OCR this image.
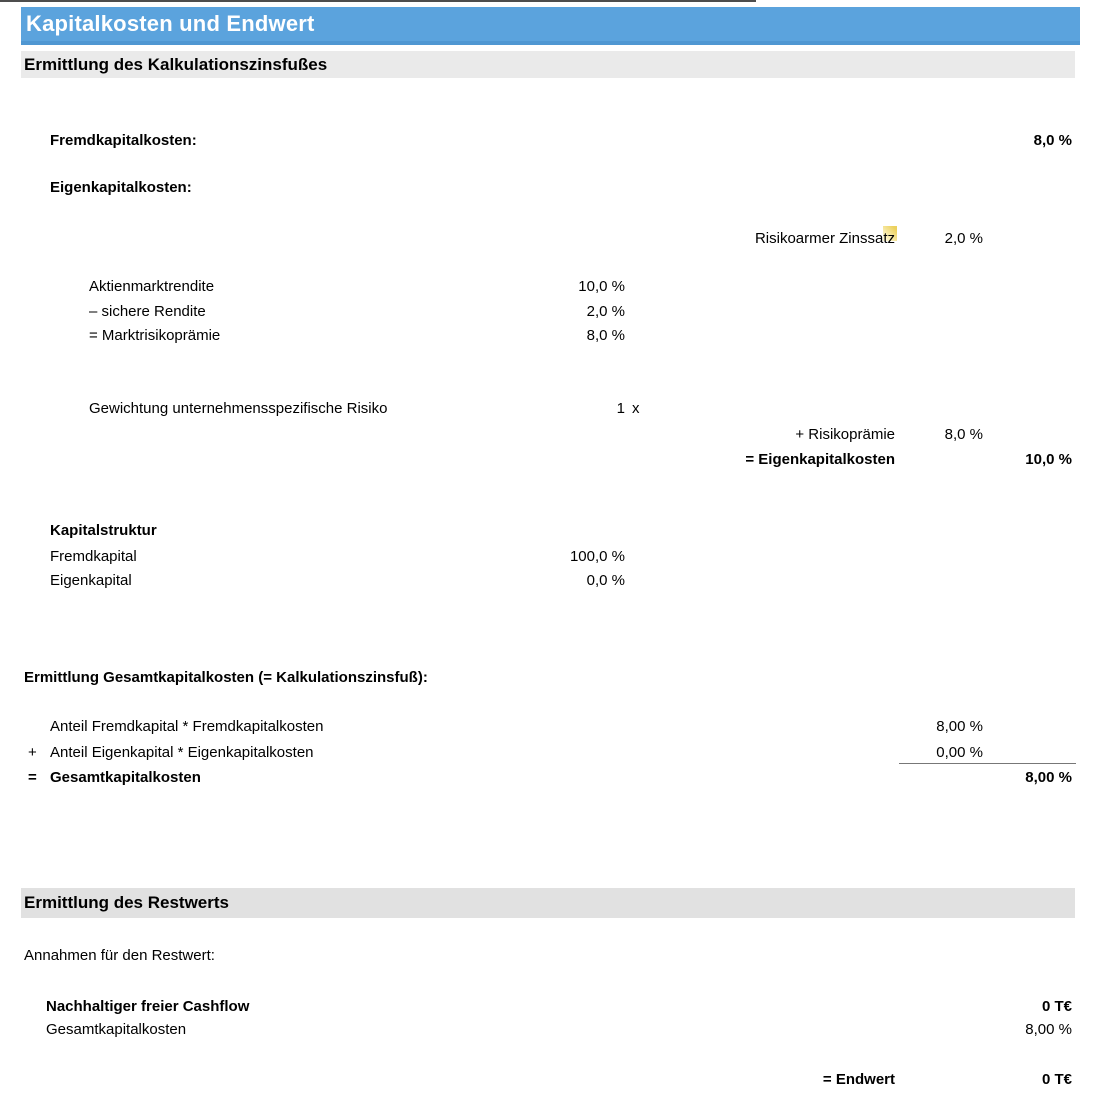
Kapitalkosten und Endwert
Ermittlung des Kalkulationszinsfußes
Fremdkapitalkosten:	8,0 %
Eigenkapitalkosten:
Risikoarmer Zinssatz	2,0 %
Aktienmarktrendite	10,0 %
– sichere Rendite	2,0 %
= Marktrisikoprämie	8,0 %
Gewichtung unternehmensspezifische Risiko	1 x
+ Risikoprämie	8,0 %
= Eigenkapitalkosten	10,0 %
Kapitalstruktur
Fremdkapital	100,0 %
Eigenkapital	0,0 %
Ermittlung Gesamtkapitalkosten (= Kalkulationszinsfuß):
Anteil Fremdkapital * Fremdkapitalkosten	8,00 %
+ Anteil Eigenkapital * Eigenkapitalkosten	0,00 %
= Gesamtkapitalkosten	8,00 %
Ermittlung des Restwerts
Annahmen für den Restwert:
Nachhaltiger freier Cashflow	0 T€
Gesamtkapitalkosten	8,00 %
= Endwert	0 T€
